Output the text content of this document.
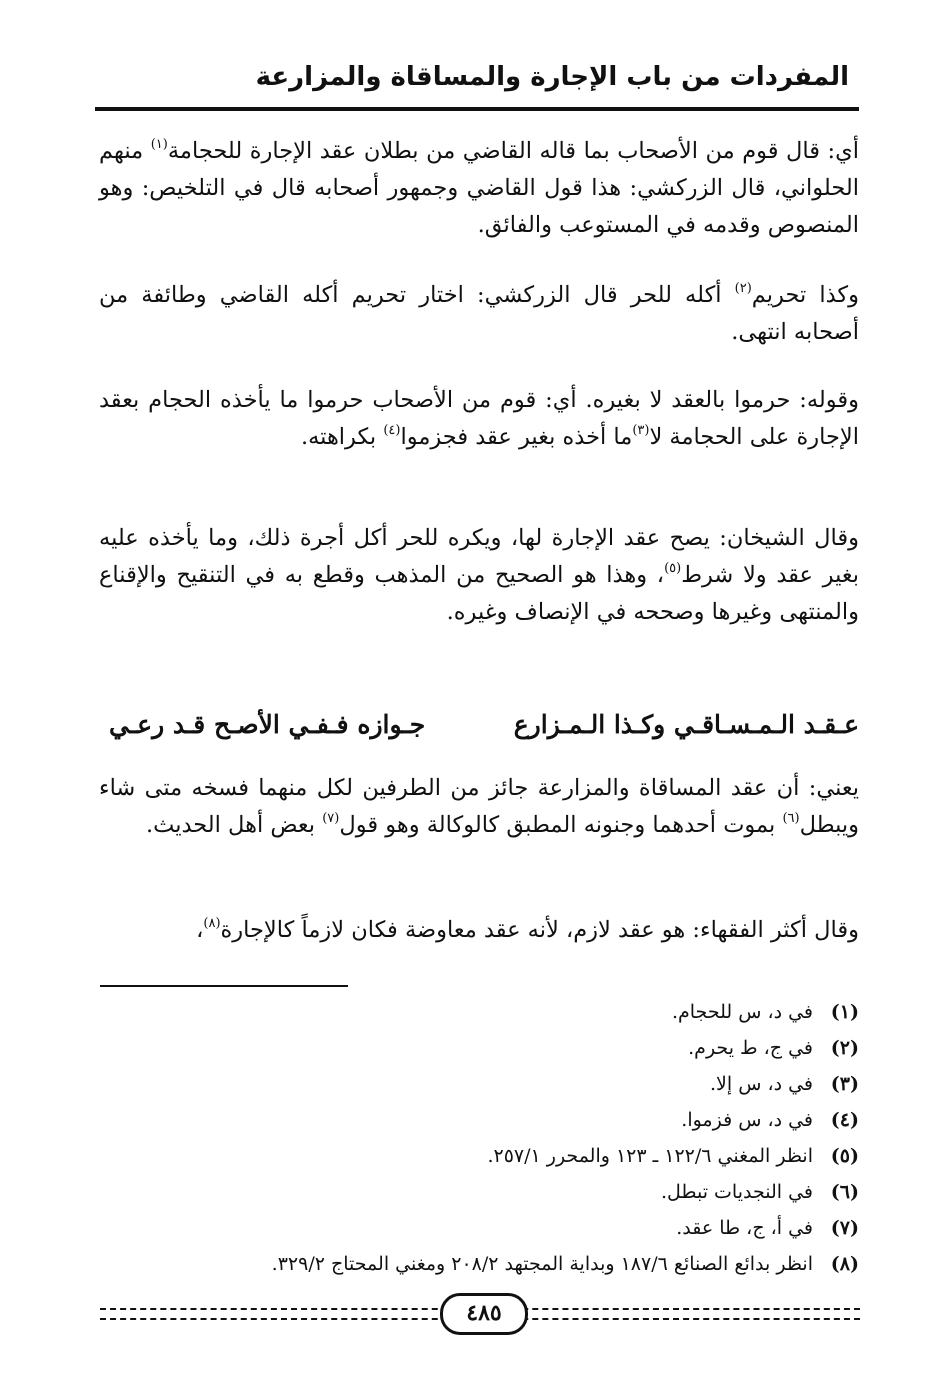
المفردات من باب الإجارة والمساقاة والمزارعة

أي: قال قوم من الأصحاب بما قاله القاضي من بطلان عقد الإجارة للحجامة$^{(١)}$ منهم الحلواني، قال الزركشي: هذا قول القاضي وجمهور أصحابه قال في التلخيص: وهو المنصوص وقدمه في المستوعب والفائق.

وكذا تحريم$^{(٢)}$ أكله للحر قال الزركشي: اختار تحريم أكله القاضي وطائفة من أصحابه انتهى.

وقوله: حرموا بالعقد لا بغيره. أي: قوم من الأصحاب حرموا ما يأخذه الحجام بعقد الإجارة على الحجامة لا$^{(٣)}$ما أخذه بغير عقد فجزموا$^{(٤)}$ بكراهته.

وقال الشيخان: يصح عقد الإجارة لها، ويكره للحر أكل أجرة ذلك، وما يأخذه عليه بغير عقد ولا شرط$^{(٥)}$، وهذا هو الصحيح من المذهب وقطع به في التنقيح والإقناع والمنتهى وغيرها وصححه في الإنصاف وغيره.

عـقـد الـمـسـاقـي وكـذا الـمـزارع
جـوازه فـفـي الأصـح قـد رعـي

يعني: أن عقد المساقاة والمزارعة جائز من الطرفين لكل منهما فسخه متى شاء ويبطل$^{(٦)}$ بموت أحدهما وجنونه المطبق كالوكالة وهو قول$^{(٧)}$ بعض أهل الحديث.

وقال أكثر الفقهاء: هو عقد لازم، لأنه عقد معاوضة فكان لازماً كالإجارة$^{(٨)}$،

(١)
في د، س للحجام.
(٢)
في ج، ط يحرم.
(٣)
في د، س إلا.
(٤)
في د، س فزموا.
(٥)
انظر المغني ١٢٢/٦ ـ ١٢٣ والمحرر ٢٥٧/١.
(٦)
في النجديات تبطل.
(٧)
في أ، ج، طا عقد.
(٨)
انظر بدائع الصنائع ١٨٧/٦ وبداية المجتهد ٢٠٨/٢ ومغني المحتاج ٣٢٩/٢.
٤٨٥
